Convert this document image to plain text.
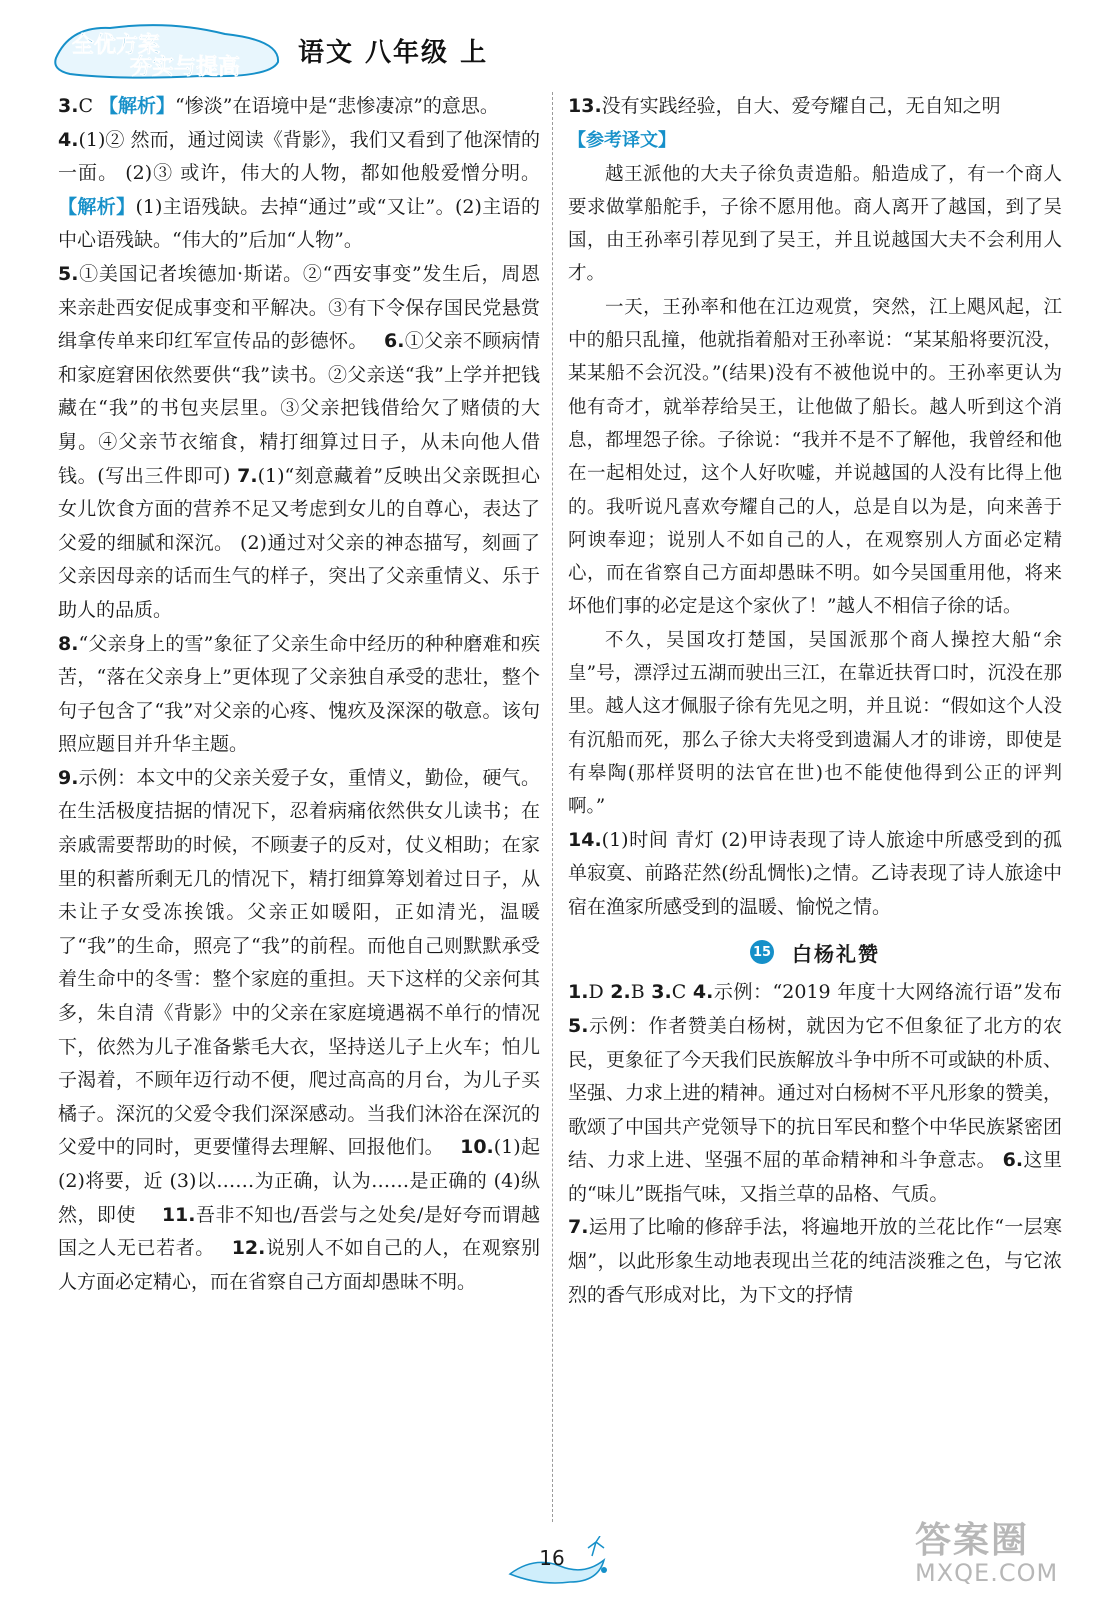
全优方案
夯实与提高 语文 八年级 上

3.C 【解析】“惨淡”在语境中是“悲惨凄凉”的意思。

4.(1)② 然而，通过阅读《背影》，我们又看到了他深情的一面。 (2)③ 或许，伟大的人物，都如他般爱憎分明。 【解析】(1)主语残缺。去掉“通过”或“又让”。(2)主语的中心语残缺。“伟大的”后加“人物”。

5.①美国记者埃德加·斯诺。②“西安事变”发生后，周恩来亲赴西安促成事变和平解决。③有下令保存国民党悬赏缉拿传单来印红军宣传品的彭德怀。　 6.①父亲不顾病情和家庭窘困依然要供“我”读书。②父亲送“我”上学并把钱藏在“我”的书包夹层里。③父亲把钱借给欠了赌债的大舅。④父亲节衣缩食，精打细算过日子，从未向他人借钱。(写出三件即可) 7.(1)“刻意藏着”反映出父亲既担心女儿饮食方面的营养不足又考虑到女儿的自尊心，表达了父爱的细腻和深沉。 (2)通过对父亲的神态描写，刻画了父亲因母亲的话而生气的样子，突出了父亲重情义、乐于助人的品质。

8.“父亲身上的雪”象征了父亲生命中经历的种种磨难和疾苦，“落在父亲身上”更体现了父亲独自承受的悲壮，整个句子包含了“我”对父亲的心疼、愧疚及深深的敬意。该句照应题目并升华主题。

9.示例：本文中的父亲关爱子女，重情义，勤俭，硬气。在生活极度拮据的情况下，忍着病痛依然供女儿读书；在亲戚需要帮助的时候，不顾妻子的反对，仗义相助；在家里的积蓄所剩无几的情况下，精打细算筹划着过日子，从未让子女受冻挨饿。父亲正如暖阳，正如清光，温暖了“我”的生命，照亮了“我”的前程。而他自己则默默承受着生命中的冬雪：整个家庭的重担。天下这样的父亲何其多，朱自清《背影》中的父亲在家庭境遇祸不单行的情况下，依然为儿子准备紫毛大衣，坚持送儿子上火车；怕儿子渴着，不顾年迈行动不便，爬过高高的月台，为儿子买橘子。深沉的父爱令我们深深感动。当我们沐浴在深沉的父爱中的同时，更要懂得去理解、回报他们。　 10.(1)起 (2)将要，近 (3)以……为正确，认为……是正确的 (4)纵然，即使　 11.吾非不知也/吾尝与之处矣/是好夸而谓越国之人无已若者。　 12.说别人不如自己的人，在观察别人方面必定精心，而在省察自己方面却愚昧不明。

13.没有实践经验，自大、爱夸耀自己，无自知之明

【参考译文】

越王派他的大夫子徐负责造船。船造成了，有一个商人要求做掌船舵手，子徐不愿用他。商人离开了越国，到了吴国，由王孙率引荐见到了吴王，并且说越国大夫不会利用人才。

一天，王孙率和他在江边观赏，突然，江上飓风起，江中的船只乱撞，他就指着船对王孙率说：“某某船将要沉没，某某船不会沉没。”(结果)没有不被他说中的。王孙率更认为他有奇才，就举荐给吴王，让他做了船长。越人听到这个消息，都埋怨子徐。子徐说：“我并不是不了解他，我曾经和他在一起相处过，这个人好吹嘘，并说越国的人没有比得上他的。我听说凡喜欢夸耀自己的人，总是自以为是，向来善于阿谀奉迎；说别人不如自己的人，在观察别人方面必定精心，而在省察自己方面却愚昧不明。如今吴国重用他，将来坏他们事的必定是这个家伙了！”越人不相信子徐的话。

不久，吴国攻打楚国，吴国派那个商人操控大船“余皇”号，漂浮过五湖而驶出三江，在靠近扶胥口时，沉没在那里。越人这才佩服子徐有先见之明，并且说：“假如这个人没有沉船而死，那么子徐大夫将受到遗漏人才的诽谤，即使是有皋陶(那样贤明的法官在世)也不能使他得到公正的评判啊。”

14.(1)时间 青灯 (2)甲诗表现了诗人旅途中所感受到的孤单寂寞、前路茫然(纷乱惆怅)之情。乙诗表现了诗人旅途中宿在渔家所感受到的温暖、愉悦之情。

15 白杨礼赞

1.D 2.B 3.C 4.示例：“2019 年度十大网络流行语”发布 5.示例：作者赞美白杨树，就因为它不但象征了北方的农民，更象征了今天我们民族解放斗争中所不可或缺的朴质、坚强、力求上进的精神。通过对白杨树不平凡形象的赞美，歌颂了中国共产党领导下的抗日军民和整个中华民族紧密团结、力求上进、坚强不屈的革命精神和斗争意志。 6.这里的“味儿”既指气味，又指兰草的品格、气质。

7.运用了比喻的修辞手法，将遍地开放的兰花比作“一层寒烟”，以此形象生动地表现出兰花的纯洁淡雅之色，与它浓烈的香气形成对比，为下文的抒情

16	答案圈
MXQE.COM
